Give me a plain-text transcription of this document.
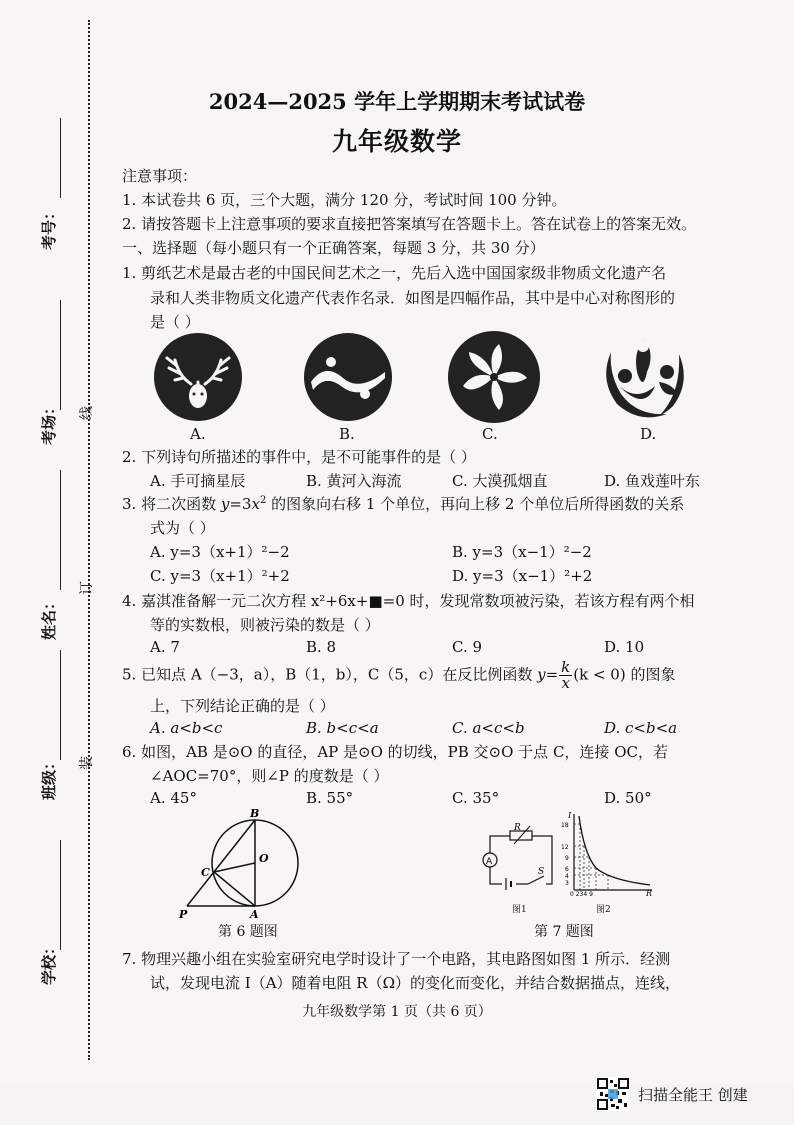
考号：
考场：
姓名：
班级：
学校：
线
订
装
2024—2025 学年上学期期末考试试卷
九年级数学
注意事项：
1. 本试卷共 6 页，三个大题，满分 120 分，考试时间 100 分钟。
2. 请按答题卡上注意事项的要求直接把答案填写在答题卡上。答在试卷上的答案无效。
一、选择题（每小题只有一个正确答案，每题 3 分，共 30 分）
1. 剪纸艺术是最古老的中国民间艺术之一，先后入选中国国家级非物质文化遗产名
录和人类非物质文化遗产代表作名录．如图是四幅作品，其中是中心对称图形的
是（ ）
A.	B.	C.	D.
2. 下列诗句所描述的事件中，是不可能事件的是（ ）
A. 手可摘星辰	B. 黄河入海流	C. 大漠孤烟直	D. 鱼戏莲叶东
3. 将二次函数 $y=3x^2$ 的图象向右移 1 个单位，再向上移 2 个单位后所得函数的关系
式为（ ）
A. y=3（x+1）²−2	B. y=3（x−1）²−2
C. y=3（x+1）²+2	D. y=3（x−1）²+2
4. 嘉淇准备解一元二次方程 x²+6x+■=0 时，发现常数项被污染，若该方程有两个相
等的实数根，则被污染的数是（ ）
A. 7	B. 8	C. 9	D. 10
5. 已知点 A（−3，a），B（1，b），C（5，c）在反比例函数 $y= \frac{k}{x} (k < 0)$ 的图象
上，下列结论正确的是（ ）
A. a<b<c	B. b<c<a	C. a<c<b	D. c<b<a
6. 如图，AB 是⊙O 的直径，AP 是⊙O 的切线，PB 交⊙O 于点 C，连接 OC，若
∠AOC=70°，则∠P 的度数是（ ）
A. 45°	B. 55°	C. 35°	D. 50°
B
O
C
P	A
第 6 题图
A
R
S
图1
I
R
18
12
9
6
4
3
0 234 9
图2
第 7 题图
7. 物理兴趣小组在实验室研究电学时设计了一个电路，其电路图如图 1 所示．经测
试，发现电流 I（A）随着电阻 R（Ω）的变化而变化，并结合数据描点，连线，
九年级数学第 1 页（共 6 页）
扫描全能王 创建
